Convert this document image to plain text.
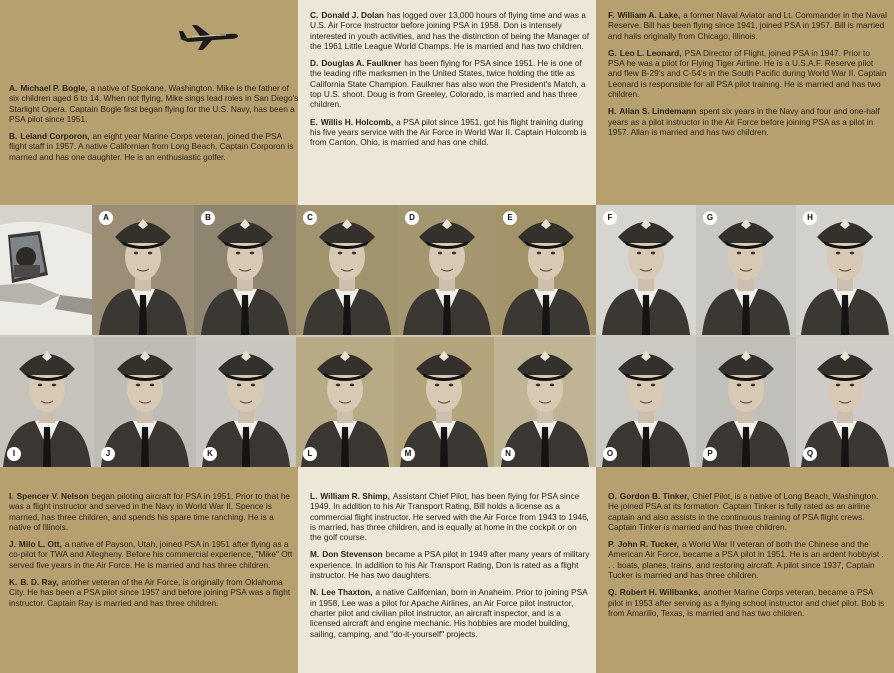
A. Michael P. Bogle, a native of Spokane, Washington. Mike is the father of six children aged 6 to 14. When not flying, Mike sings lead roles in San Diego's Starlight Opera. Captain Bogle first began flying for the U.S. Navy, has been a PSA pilot since 1951.

B. Leland Corporon, an eight year Marine Corps veteran, joined the PSA flight staff in 1957. A native Californian from Long Beach, Captain Corporon is married and has one daughter. He is an enthusiastic golfer.

C. Donald J. Dolan has logged over 13,000 hours of flying time and was a U.S. Air Force Instructor before joining PSA in 1958. Don is intensely interested in youth activities, and has the distinction of being the Manager of the 1961 Little League World Champs. He is married and has two children.

D. Douglas A. Faulkner has been flying for PSA since 1951. He is one of the leading rifle marksmen in the United States, twice holding the title as California State Champion. Faulkner has also won the President's Match, a top U.S. shoot. Doug is from Greeley, Colorado, is married and has three children.

E. Willis H. Holcomb, a PSA pilot since 1951, got his flight training during his five years service with the Air Force in World War II. Captain Holcomb is from Canton, Ohio, is married and has one child.

F. William A. Lake, a former Naval Aviator and Lt. Commander in the Naval Reserve. Bill has been flying since 1941, joined PSA in 1957. Bill is married and hails originally from Chicago, Illinois.

G. Leo L. Leonard, PSA Director of Flight, joined PSA in 1947. Prior to PSA he was a pilot for Flying Tiger Airline. He is a U.S.A.F. Reserve pilot and flew B-29's and C-54's in the South Pacific during World War II. Captain Leonard is responsible for all PSA pilot training. He is married and has two children.

H. Allan S. Lindemann spent six years in the Navy and four and one-half years as a pilot instructor in the Air Force before joining PSA as a pilot in 1957. Allan is married and has two children.

I. Spencer V. Nelson began piloting aircraft for PSA in 1951. Prior to that he was a flight instructor and served in the Navy in World War II. Spence is married, has three children, and spends his spare time ranching. He is a native of Illinois.

J. Milo L. Ott, a native of Payson, Utah, joined PSA in 1951 after flying as a co-pilot for TWA and Allegheny. Before his commercial experience, "Mike" Ott served five years in the Air Force. He is married and has three children.

K. B. D. Ray, another veteran of the Air Force, is originally from Oklahoma City. He has been a PSA pilot since 1957 and before joining PSA was a flight instructor. Captain Ray is married and has three children.

L. William R. Shimp, Assistant Chief Pilot, has been flying for PSA since 1949. In addition to his Air Transport Rating, Bill holds a license as a commercial flight instructor. He served with the Air Force from 1943 to 1946, is married, has three children, and is equally at home in the cockpit or on the golf course.

M. Don Stevenson became a PSA pilot in 1949 after many years of military experience. In addition to his Air Transport Rating, Don is rated as a flight instructor. He has two daughters.

N. Lee Thaxton, a native Californian, born in Anaheim. Prior to joining PSA in 1958, Lee was a pilot for Apache Airlines, an Air Force pilot instructor, charter pilot and civilian pilot instructor, an aircraft inspector, and is a licensed aircraft and engine mechanic. His hobbies are model building, sailing, camping, and "do-it-yourself" projects.

O. Gordon B. Tinker, Chief Pilot, is a native of Long Beach, Washington. He joined PSA at its formation. Captain Tinker is fully rated as an airline captain and also assists in the continuous training of PSA flight crews. Captain Tinker is married and has three children.

P. John R. Tucker, a World War II veteran of both the Chinese and the American Air Force, became a PSA pilot in 1951. He is an ardent hobbyist . . . boats, planes, trains, and restoring aircraft. A pilot since 1937, Captain Tucker is married and has three children.

Q. Robert H. Willbanks, another Marine Corps veteran, became a PSA pilot in 1953 after serving as a flying school instructor and chief pilot. Bob is from Amarillo, Texas, is married and has two children.

A	B	C	D	E	F	G	H
I	J	K	L	M	N	O	P	Q
